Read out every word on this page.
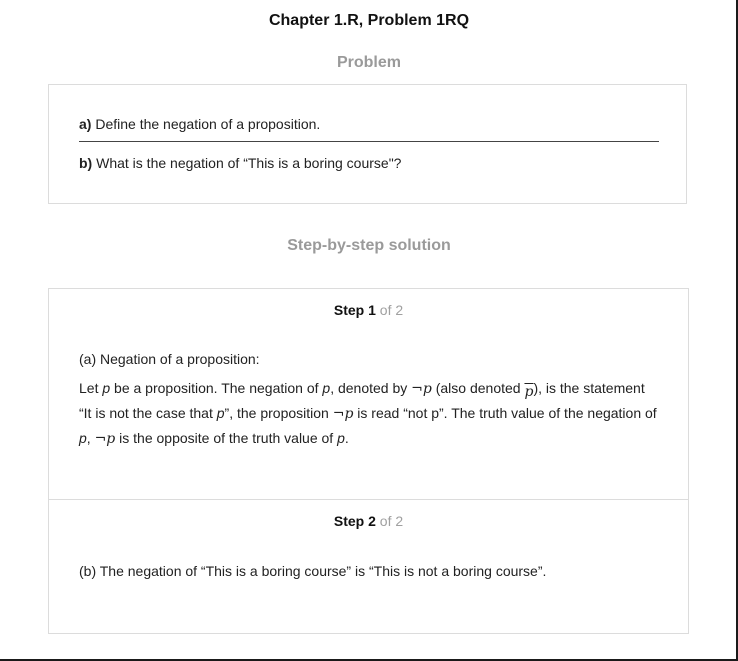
Chapter 1.R, Problem 1RQ
Problem
a) Define the negation of a proposition.
b) What is the negation of “This is a boring course"?
Step-by-step solution
Step 1 of 2
(a) Negation of a proposition:
Let p be a proposition. The negation of p, denoted by ¬p (also denoted $\overline{p}$), is the statement “It is not the case that p”, the proposition ¬p is read “not p”. The truth value of the negation of p, ¬p is the opposite of the truth value of p.
Step 2 of 2
(b) The negation of “This is a boring course” is “This is not a boring course”.
